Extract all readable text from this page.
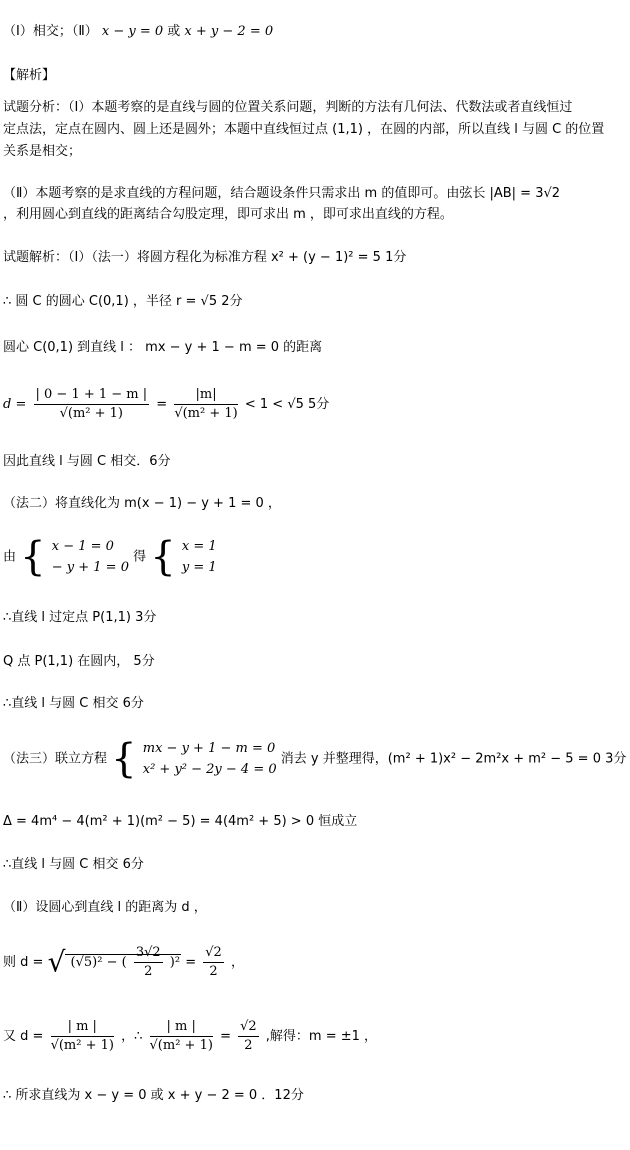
（Ⅰ）相交；（Ⅱ） x − y = 0 或 x + y − 2 = 0
【解析】
试题分析：（Ⅰ）本题考察的是直线与圆的位置关系问题，判断的方法有几何法、代数法或者直线恒过
定点法，定点在圆内、圆上还是圆外；本题中直线恒过点 (1,1) ，在圆的内部，所以直线 l 与圆 C 的位置
关系是相交；
（Ⅱ）本题考察的是求直线的方程问题，结合题设条件只需求出 m 的值即可。由弦长 |AB| = 3√2
，利用圆心到直线的距离结合勾股定理，即可求出 m ，即可求出直线的方程。
试题解析：（Ⅰ）（法一）将圆方程化为标准方程 x² + (y − 1)² = 5 1分
∴ 圆 C 的圆心 C(0,1) ，半径 r = √5 2分
圆心 C(0,1) 到直线 l ： mx − y + 1 − m = 0 的距离
$d = \frac{| 0 - 1 + 1 - m |}{\text{√(m² + 1)}} = \frac{|m|}{\text{√(m² + 1)}} < 1 < √5$ 5分
因此直线 l 与圆 C 相交．6分
（法二）将直线化为 m(x − 1) − y + 1 = 0 ，
由 { x − 1 = 0
− y + 1 = 0
得 { x = 1
y = 1
∴直线 l 过定点 P(1,1) 3分
Q 点 P(1,1) 在圆内， 5分
∴直线 l 与圆 C 相交 6分
（法三）联立方程 { mx − y + 1 − m = 0
x² + y² − 2y − 4 = 0
消去 y 并整理得，(m² + 1)x² − 2m²x + m² − 5 = 0 3分
Δ = 4m⁴ − 4(m² + 1)(m² − 5) = 4(4m² + 5) > 0 恒成立
∴直线 l 与圆 C 相交 6分
（Ⅱ）设圆心到直线 l 的距离为 d ，
则 d = √ (√5)² − ( $\frac{3√2}{2} )^2 = \frac{√2}{2}$ ，
又 $d = \frac{| m |}{\text{√(m² + 1)}}$ ，∴ $\frac{| m |}{\text{√(m² + 1)}} = \frac{√2}{2}$ ,解得：m = ±1 ，
∴ 所求直线为 x − y = 0 或 x + y − 2 = 0 ．12分
